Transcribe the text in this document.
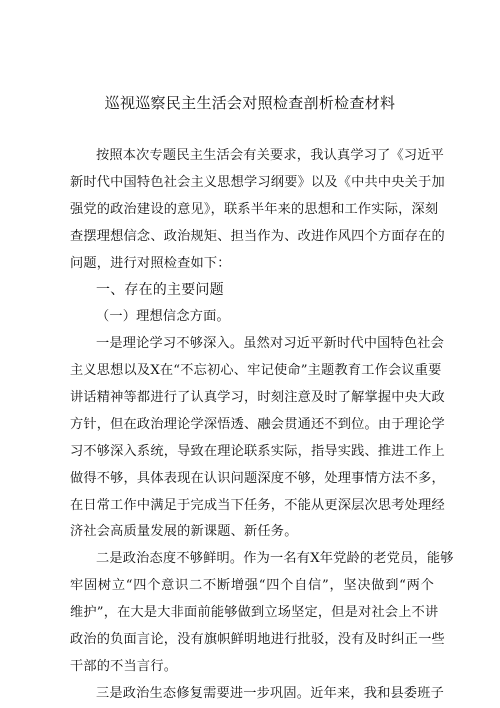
巡视巡察民主生活会对照检查剖析检查材料
按照本次专题民主生活会有关要求，我认真学习了《习近平
新时代中国特色社会主义思想学习纲要》以及《中共中央关于加
强党的政治建设的意见》，联系半年来的思想和工作实际，深刻
查摆理想信念、政治规矩、担当作为、改进作风四个方面存在的
问题，进行对照检查如下：
一、存在的主要问题
（一）理想信念方面。
一是理论学习不够深入。虽然对习近平新时代中国特色社会
主义思想以及X在“不忘初心、牢记使命”主题教育工作会议重要
讲话精神等都进行了认真学习，时刻注意及时了解掌握中央大政
方针，但在政治理论学深悟透、融会贯通还不到位。由于理论学
习不够深入系统，导致在理论联系实际，指导实践、推进工作上
做得不够，具体表现在认识问题深度不够，处理事情方法不多，
在日常工作中满足于完成当下任务，不能从更深层次思考处理经
济社会高质量发展的新课题、新任务。
二是政治态度不够鲜明。作为一名有X年党龄的老党员，能够
牢固树立“四个意识二不断增强“四个自信”，坚决做到“两个
维护”，在大是大非面前能够做到立场坚定，但是对社会上不讲
政治的负面言论，没有旗帜鲜明地进行批驳，没有及时纠正一些
干部的不当言行。
三是政治生态修复需要进一步巩固。近年来，我和县委班子
